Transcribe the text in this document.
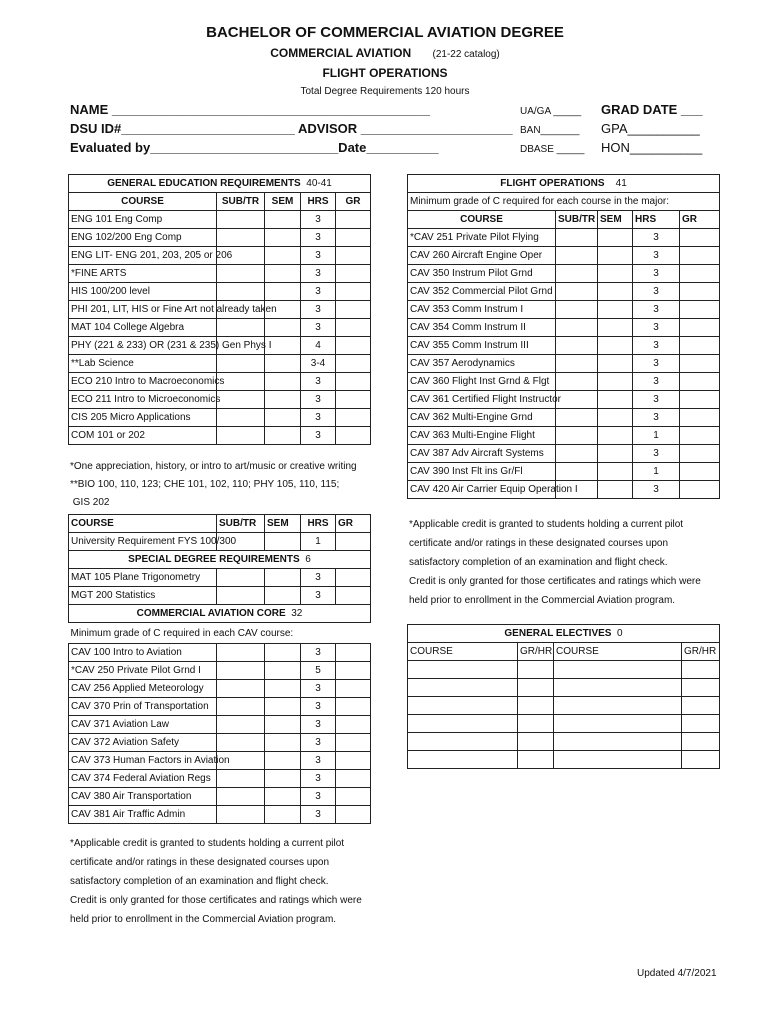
BACHELOR OF COMMERCIAL AVIATION DEGREE
COMMERCIAL AVIATION (21-22 catalog)
FLIGHT OPERATIONS
Total Degree Requirements 120 hours
NAME ____________________________________________
DSU ID#________________________ ADVISOR _____________________
Evaluated by__________________________Date__________
UA/GA _____
BAN_______
DBASE _____
GRAD DATE ___
GPA__________
HON__________
GENERAL EDUCATION REQUIREMENTS 40-41				
COURSE	SUB/TR	SEM	HRS	GR
ENG 101 Eng Comp			3	
ENG 102/200 Eng Comp			3	
ENG LIT- ENG 201, 203, 205 or 206			3	
*FINE ARTS			3	
HIS 100/200 level			3	
PHI 201, LIT, HIS or Fine Art not already taken			3	
MAT 104 College Algebra			3	
PHY (221 & 233) OR (231 & 235) Gen Phys I			4	
**Lab Science			3-4	
ECO 210 Intro to Macroeconomics			3	
ECO 211 Intro to Microeconomics			3	
CIS 205 Micro Applications			3	
COM 101 or 202			3	
*One appreciation, history, or intro to art/music or creative writing
**BIO 100, 110, 123; CHE 101, 102, 110; PHY 105, 110, 115;
GIS 202
COURSE	SUB/TR	SEM	HRS	GR
University Requirement FYS 100/300			1	
SPECIAL DEGREE REQUIREMENTS 6				
MAT 105 Plane Trigonometry			3	
MGT 200 Statistics			3	
COMMERCIAL AVIATION CORE 32				
Minimum grade of C required in each CAV course:				
CAV 100 Intro to Aviation			3	
*CAV 250 Private Pilot Grnd I			5	
CAV 256 Applied Meteorology			3	
CAV 370 Prin of Transportation			3	
CAV 371 Aviation Law			3	
CAV 372 Aviation Safety			3	
CAV 373 Human Factors in Aviation			3	
CAV 374 Federal Aviation Regs			3	
CAV 380 Air Transportation			3	
CAV 381 Air Traffic Admin			3	
*Applicable credit is granted to students holding a current pilot
certificate and/or ratings in these designated courses upon
satisfactory completion of an examination and flight check.
Credit is only granted for those certificates and ratings which were
held prior to enrollment in the Commercial Aviation program.
FLIGHT OPERATIONS 41				
Minimum grade of C required for each course in the major:				
COURSE	SUB/TR	SEM	HRS	GR
*CAV 251 Private Pilot Flying			3	
CAV 260 Aircraft Engine Oper			3	
CAV 350 Instrum Pilot Grnd			3	
CAV 352 Commercial Pilot Grnd			3	
CAV 353 Comm Instrum I			3	
CAV 354 Comm Instrum II			3	
CAV 355 Comm Instrum III			3	
CAV 357 Aerodynamics			3	
CAV 360 Flight Inst Grnd & Flgt			3	
CAV 361 Certified Flight Instructor			3	
CAV 362 Multi-Engine Grnd			3	
CAV 363 Multi-Engine Flight			1	
CAV 387 Adv Aircraft Systems			3	
CAV 390 Inst Flt ins Gr/Fl			1	
CAV 420 Air Carrier Equip Operation I			3	
*Applicable credit is granted to students holding a current pilot
certificate and/or ratings in these designated courses upon
satisfactory completion of an examination and flight check.
Credit is only granted for those certificates and ratings which were
held prior to enrollment in the Commercial Aviation program.
GENERAL ELECTIVES 0			
COURSE	GR/HR	COURSE	GR/HR

Updated 4/7/2021
